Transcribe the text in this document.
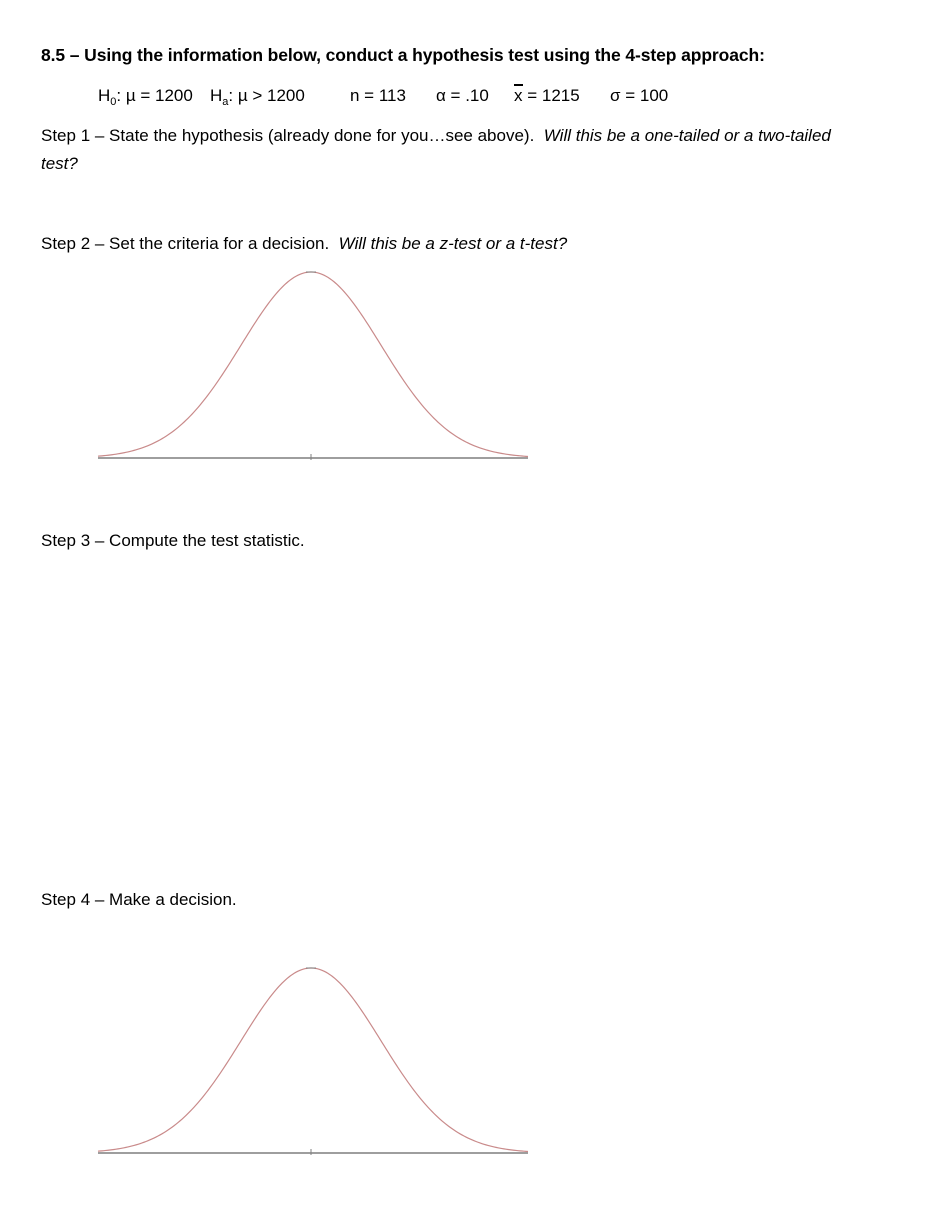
8.5 – Using the information below, conduct a hypothesis test using the 4-step approach:
$H_0$: µ = 1200 $H_a$: µ > 1200	n = 113 α = .10 x = 1215 σ = 100
Step 1 – State the hypothesis (already done for you…see above). Will this be a one-tailed or a two-tailed test?
Step 2 – Set the criteria for a decision. Will this be a z-test or a t-test?
Step 3 – Compute the test statistic.
Step 4 – Make a decision.
